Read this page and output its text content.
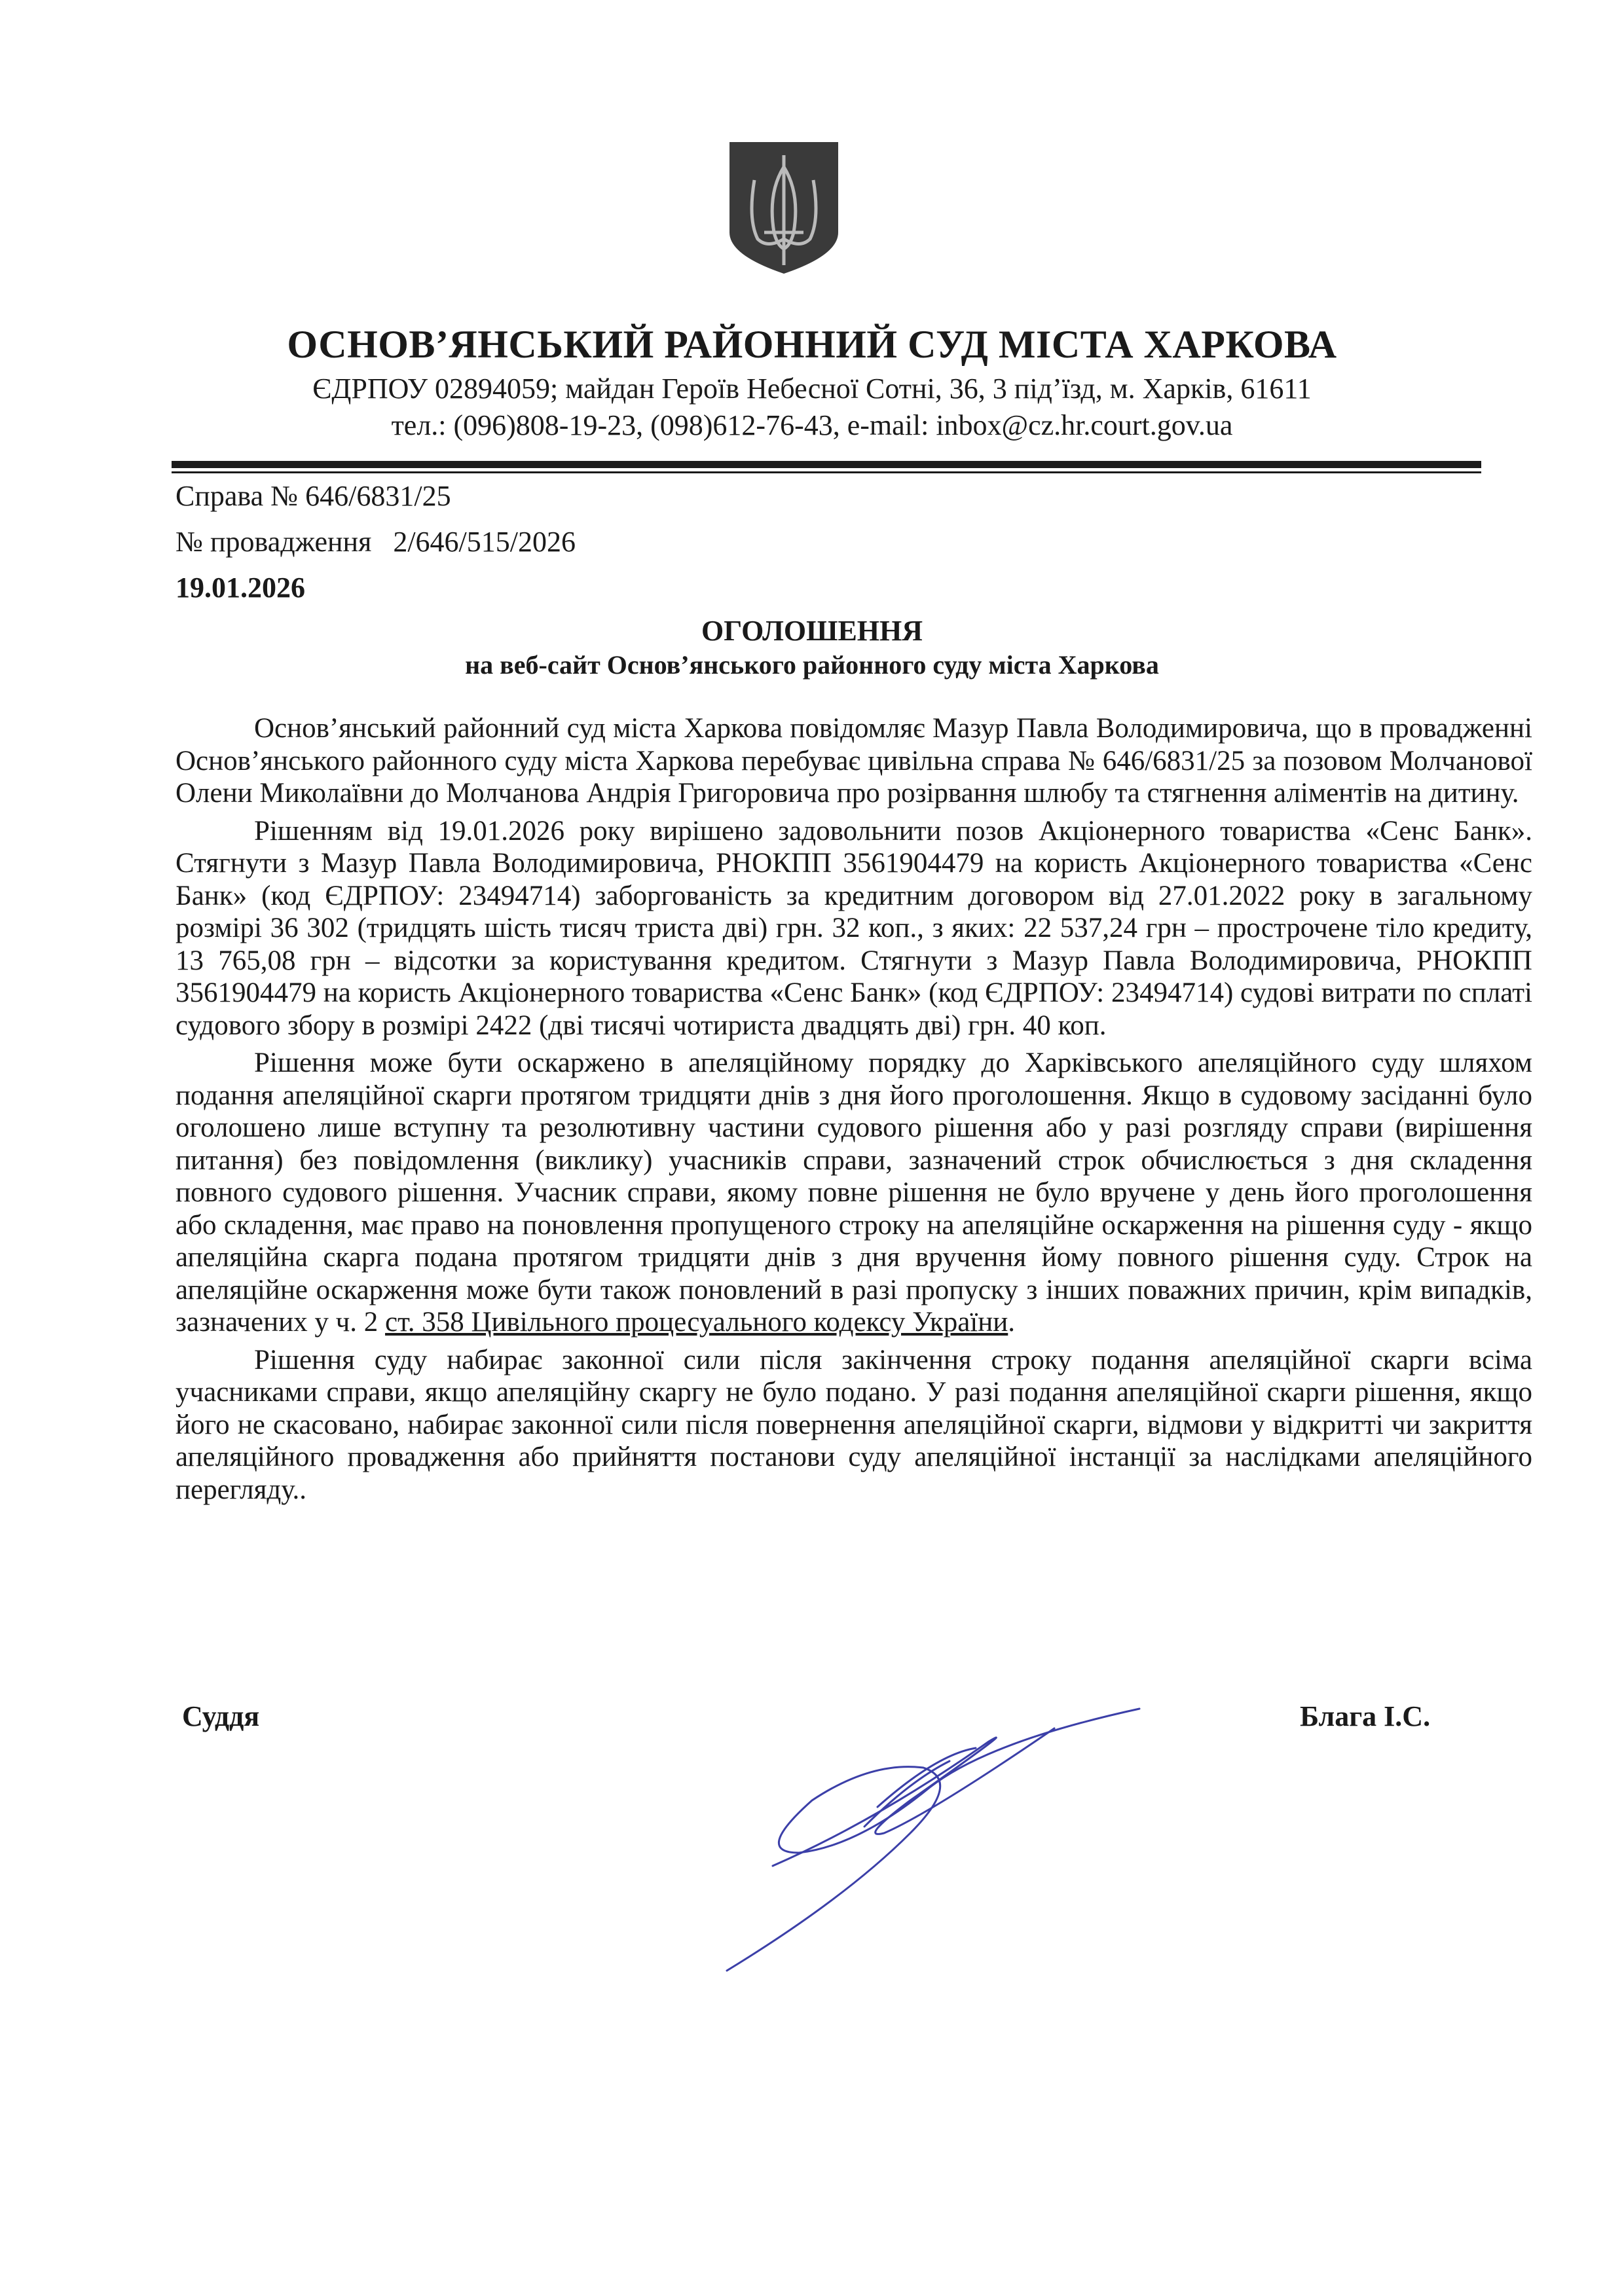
ОСНОВ’ЯНСЬКИЙ РАЙОННИЙ СУД МІСТА ХАРКОВА
ЄДРПОУ 02894059; майдан Героїв Небесної Сотні, 36, 3 під’їзд, м. Харків, 61611
тел.: (096)808-19-23, (098)612-76-43, e-mail: inbox@cz.hr.court.gov.ua
Справа № 646/6831/25
№ провадження   2/646/515/2026
19.01.2026
ОГОЛОШЕННЯ
на веб-сайт Основ’янського районного суду міста Харкова

Основ’янський районний суд міста Харкова повідомляє Мазур Павла Володимировича, що в провадженні Основ’янського районного суду міста Харкова перебуває цивільна справа № 646/6831/25 за позовом Молчанової Олени Миколаївни до Молчанова Андрія Григоровича про розірвання шлюбу та стягнення аліментів на дитину.

Рішенням від 19.01.2026 року вирішено задовольнити позов Акціонерного товариства «Сенс Банк». Стягнути з Мазур Павла Володимировича, РНОКПП 3561904479 на користь Акціонерного товариства «Сенс Банк» (код ЄДРПОУ: 23494714) заборгованість за кредитним договором від 27.01.2022 року в загальному розмірі 36 302 (тридцять шість тисяч триста дві) грн. 32 коп., з яких: 22 537,24 грн – прострочене тіло кредиту, 13 765,08 грн – відсотки за користування кредитом. Стягнути з Мазур Павла Володимировича, РНОКПП 3561904479 на користь Акціонерного товариства «Сенс Банк» (код ЄДРПОУ: 23494714) судові витрати по сплаті судового збору в розмірі 2422 (дві тисячі чотириста двадцять дві) грн. 40 коп.

Рішення може бути оскаржено в апеляційному порядку до Харківського апеляційного суду шляхом подання апеляційної скарги протягом тридцяти днів з дня його проголошення. Якщо в судовому засіданні було оголошено лише вступну та резолютивну частини судового рішення або у разі розгляду справи (вирішення питання) без повідомлення (виклику) учасників справи, зазначений строк обчислюється з дня складення повного судового рішення. Учасник справи, якому повне рішення не було вручене у день його проголошення або складення, має право на поновлення пропущеного строку на апеляційне оскарження на рішення суду - якщо апеляційна скарга подана протягом тридцяти днів з дня вручення йому повного рішення суду. Строк на апеляційне оскарження може бути також поновлений в разі пропуску з інших поважних причин, крім випадків, зазначених у ч. 2 ст. 358 Цивільного процесуального кодексу України.

Рішення суду набирає законної сили після закінчення строку подання апеляційної скарги всіма учасниками справи, якщо апеляційну скаргу не було подано. У разі подання апеляційної скарги рішення, якщо його не скасовано, набирає законної сили після повернення апеляційної скарги, відмови у відкритті чи закриття апеляційного провадження або прийняття постанови суду апеляційної інстанції за наслідками апеляційного перегляду..

Суддя	Блага І.С.
